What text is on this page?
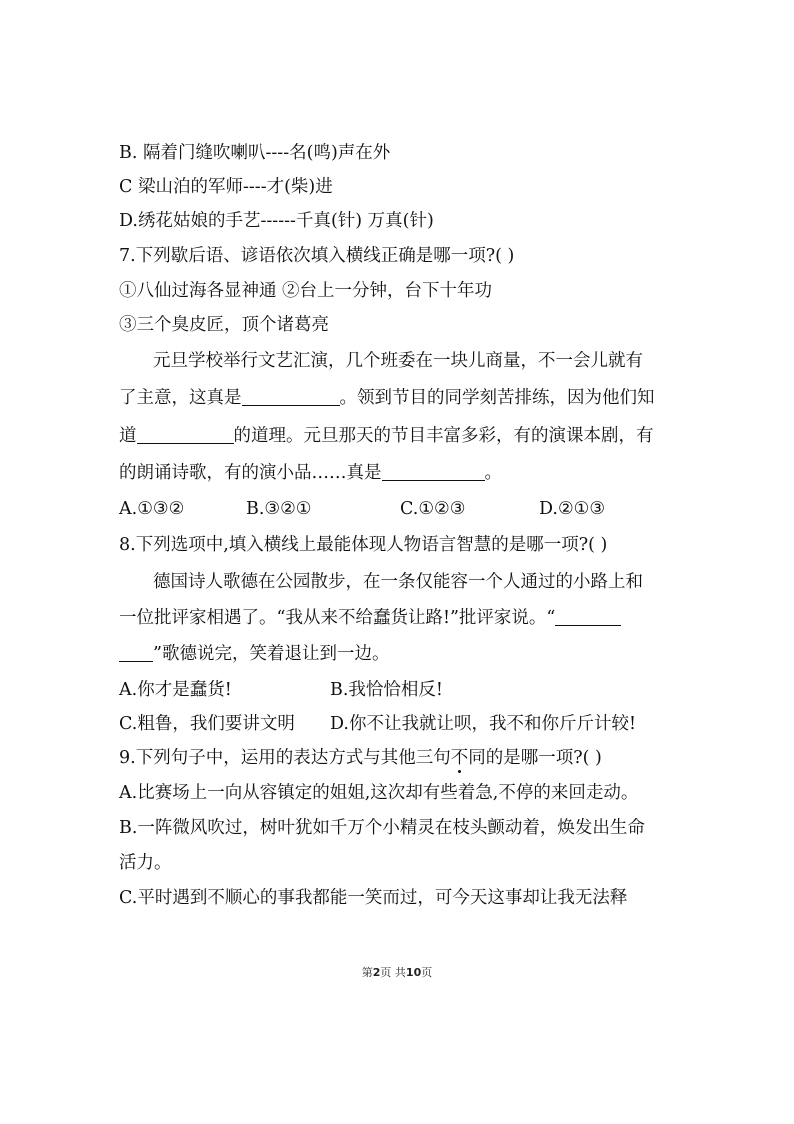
B. 隔着门缝吹喇叭----名(鸣)声在外
C 梁山泊的军师----才(柴)进
D.绣花姑娘的手艺------千真(针) 万真(针)
7.下列歇后语、谚语依次填入横线正确是哪一项?( )
①八仙过海各显神通 ②台上一分钟，台下十年功
③三个臭皮匠，顶个诸葛亮
元旦学校举行文艺汇演，几个班委在一块儿商量，不一会儿就有
了主意，这真是	。领到节目的同学刻苦排练，因为他们知
道	的道理。元旦那天的节目丰富多彩，有的演课本剧，有
的朗诵诗歌，有的演小品……真是	。
A.①③②	B.③②①	C.①②③	D.②①③
8.下列选项中,填入横线上最能体现人物语言智慧的是哪一项?( )
德国诗人歌德在公园散步，在一条仅能容一个人通过的小路上和
一位批评家相遇了。“我从来不给蠢货让路!”批评家说。“
”歌德说完，笑着退让到一边。
A.你才是蠢货!	B.我恰恰相反!
C.粗鲁，我们要讲文明 D.你不让我就让呗，我不和你斤斤计较!
9.下列句子中，运用的表达方式与其他三句不同的是哪一项?( )
A.比赛场上一向从容镇定的姐姐,这次却有些着急,不停的来回走动。
B.一阵微风吹过，树叶犹如千万个小精灵在枝头颤动着，焕发出生命
活力。
C.平时遇到不顺心的事我都能一笑而过，可今天这事却让我无法释
第2页 共10页
